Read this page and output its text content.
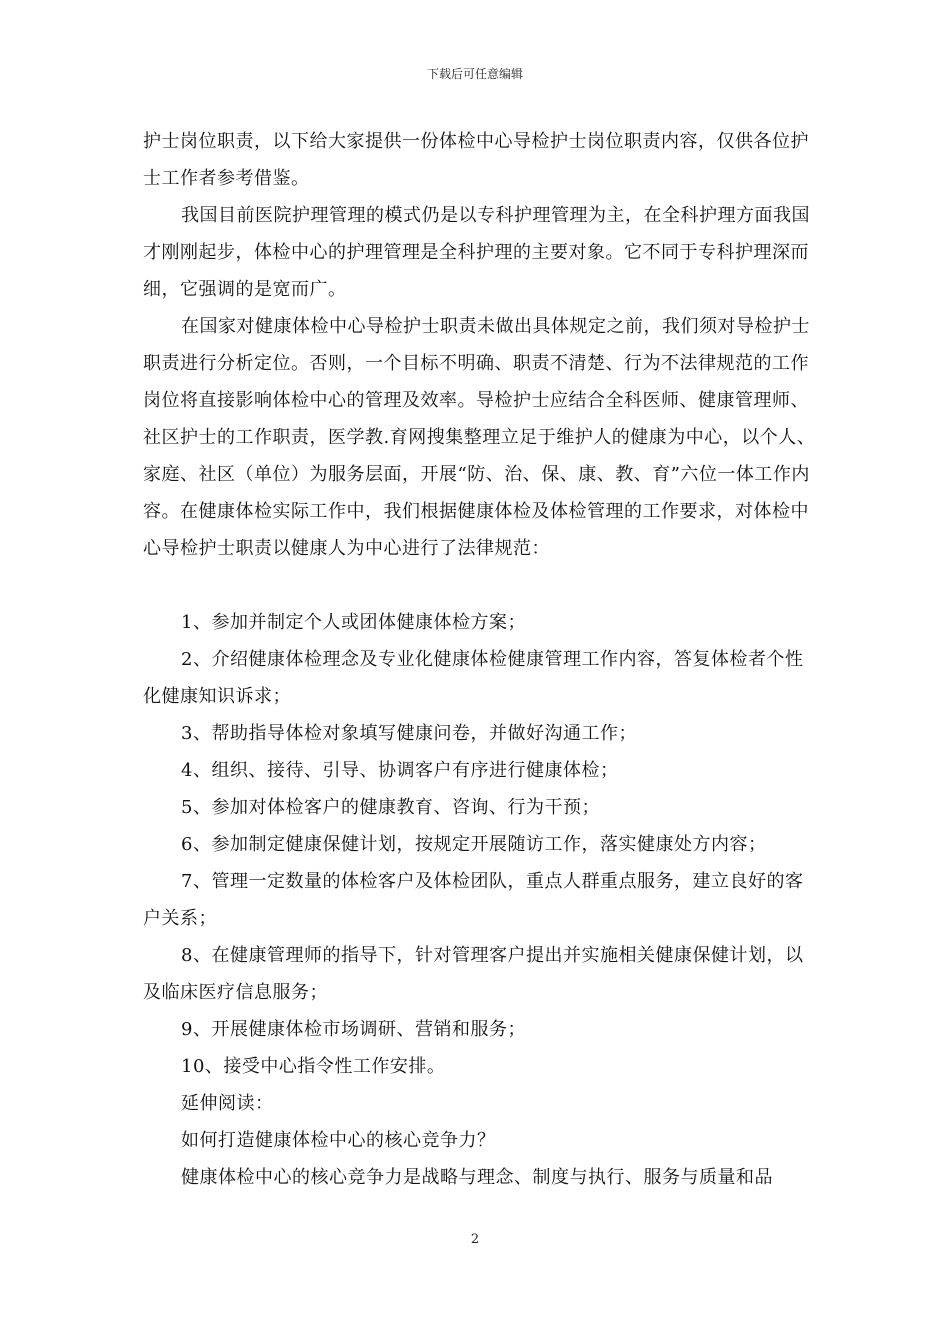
下载后可任意编辑

护士岗位职责，以下给大家提供一份体检中心导检护士岗位职责内容，仅供各位护士工作者参考借鉴。

我国目前医院护理管理的模式仍是以专科护理管理为主，在全科护理方面我国才刚刚起步，体检中心的护理管理是全科护理的主要对象。它不同于专科护理深而细，它强调的是宽而广。

在国家对健康体检中心导检护士职责未做出具体规定之前，我们须对导检护士职责进行分析定位。否则，一个目标不明确、职责不清楚、行为不法律规范的工作岗位将直接影响体检中心的管理及效率。导检护士应结合全科医师、健康管理师、社区护士的工作职责，医学教.育网搜集整理立足于维护人的健康为中心，以个人、家庭、社区（单位）为服务层面，开展“防、治、保、康、教、育”六位一体工作内容。在健康体检实际工作中，我们根据健康体检及体检管理的工作要求，对体检中心导检护士职责以健康人为中心进行了法律规范：

1、参加并制定个人或团体健康体检方案；

2、介绍健康体检理念及专业化健康体检健康管理工作内容，答复体检者个性化健康知识诉求；

3、帮助指导体检对象填写健康问卷，并做好沟通工作；

4、组织、接待、引导、协调客户有序进行健康体检；

5、参加对体检客户的健康教育、咨询、行为干预；

6、参加制定健康保健计划，按规定开展随访工作，落实健康处方内容；

7、管理一定数量的体检客户及体检团队，重点人群重点服务，建立良好的客户关系；

8、在健康管理师的指导下，针对管理客户提出并实施相关健康保健计划，以及临床医疗信息服务；

9、开展健康体检市场调研、营销和服务；

10、接受中心指令性工作安排。

延伸阅读：

如何打造健康体检中心的核心竞争力？

健康体检中心的核心竞争力是战略与理念、制度与执行、服务与质量和品

2
